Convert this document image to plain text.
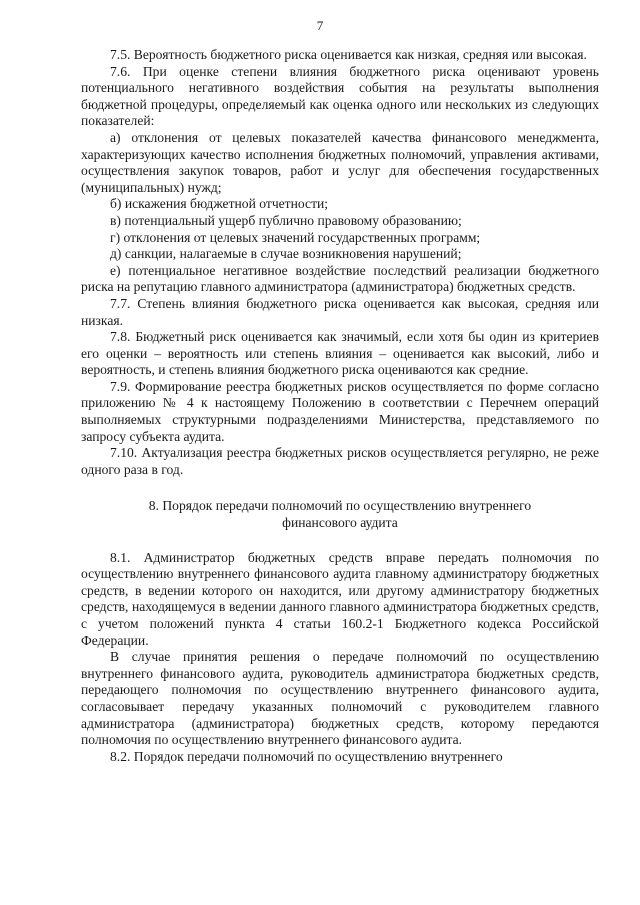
7

7.5. Вероятность бюджетного риска оценивается как низкая, средняя или высокая.

7.6. При оценке степени влияния бюджетного риска оценивают уровень потенциального негативного воздействия события на результаты выполнения бюджетной процедуры, определяемый как оценка одного или нескольких из следующих показателей:

а) отклонения от целевых показателей качества финансового менеджмента, характеризующих качество исполнения бюджетных полномочий, управления активами, осуществления закупок товаров, работ и услуг для обеспечения государственных (муниципальных) нужд;

б) искажения бюджетной отчетности;

в) потенциальный ущерб публично правовому образованию;

г) отклонения от целевых значений государственных программ;

д) санкции, налагаемые в случае возникновения нарушений;

е) потенциальное негативное воздействие последствий реализации бюджетного риска на репутацию главного администратора (администратора) бюджетных средств.

7.7. Степень влияния бюджетного риска оценивается как высокая, средняя или низкая.

7.8. Бюджетный риск оценивается как значимый, если хотя бы один из критериев его оценки – вероятность или степень влияния – оценивается как высокий, либо и вероятность, и степень влияния бюджетного риска оцениваются как средние.

7.9. Формирование реестра бюджетных рисков осуществляется по форме согласно приложению № 4 к настоящему Положению в соответствии с Перечнем операций выполняемых структурными подразделениями Министерства, представляемого по запросу субъекта аудита.

7.10. Актуализация реестра бюджетных рисков осуществляется регулярно, не реже одного раза в год.

8. Порядок передачи полномочий по осуществлению внутреннего финансового аудита

8.1. Администратор бюджетных средств вправе передать полномочия по осуществлению внутреннего финансового аудита главному администратору бюджетных средств, в ведении которого он находится, или другому администратору бюджетных средств, находящемуся в ведении данного главного администратора бюджетных средств, с учетом положений пункта 4 статьи 160.2-1 Бюджетного кодекса Российской Федерации.

В случае принятия решения о передаче полномочий по осуществлению внутреннего финансового аудита, руководитель администратора бюджетных средств, передающего полномочия по осуществлению внутреннего финансового аудита, согласовывает передачу указанных полномочий с руководителем главного администратора (администратора) бюджетных средств, которому передаются полномочия по осуществлению внутреннего финансового аудита.

8.2. Порядок передачи полномочий по осуществлению внутреннего
